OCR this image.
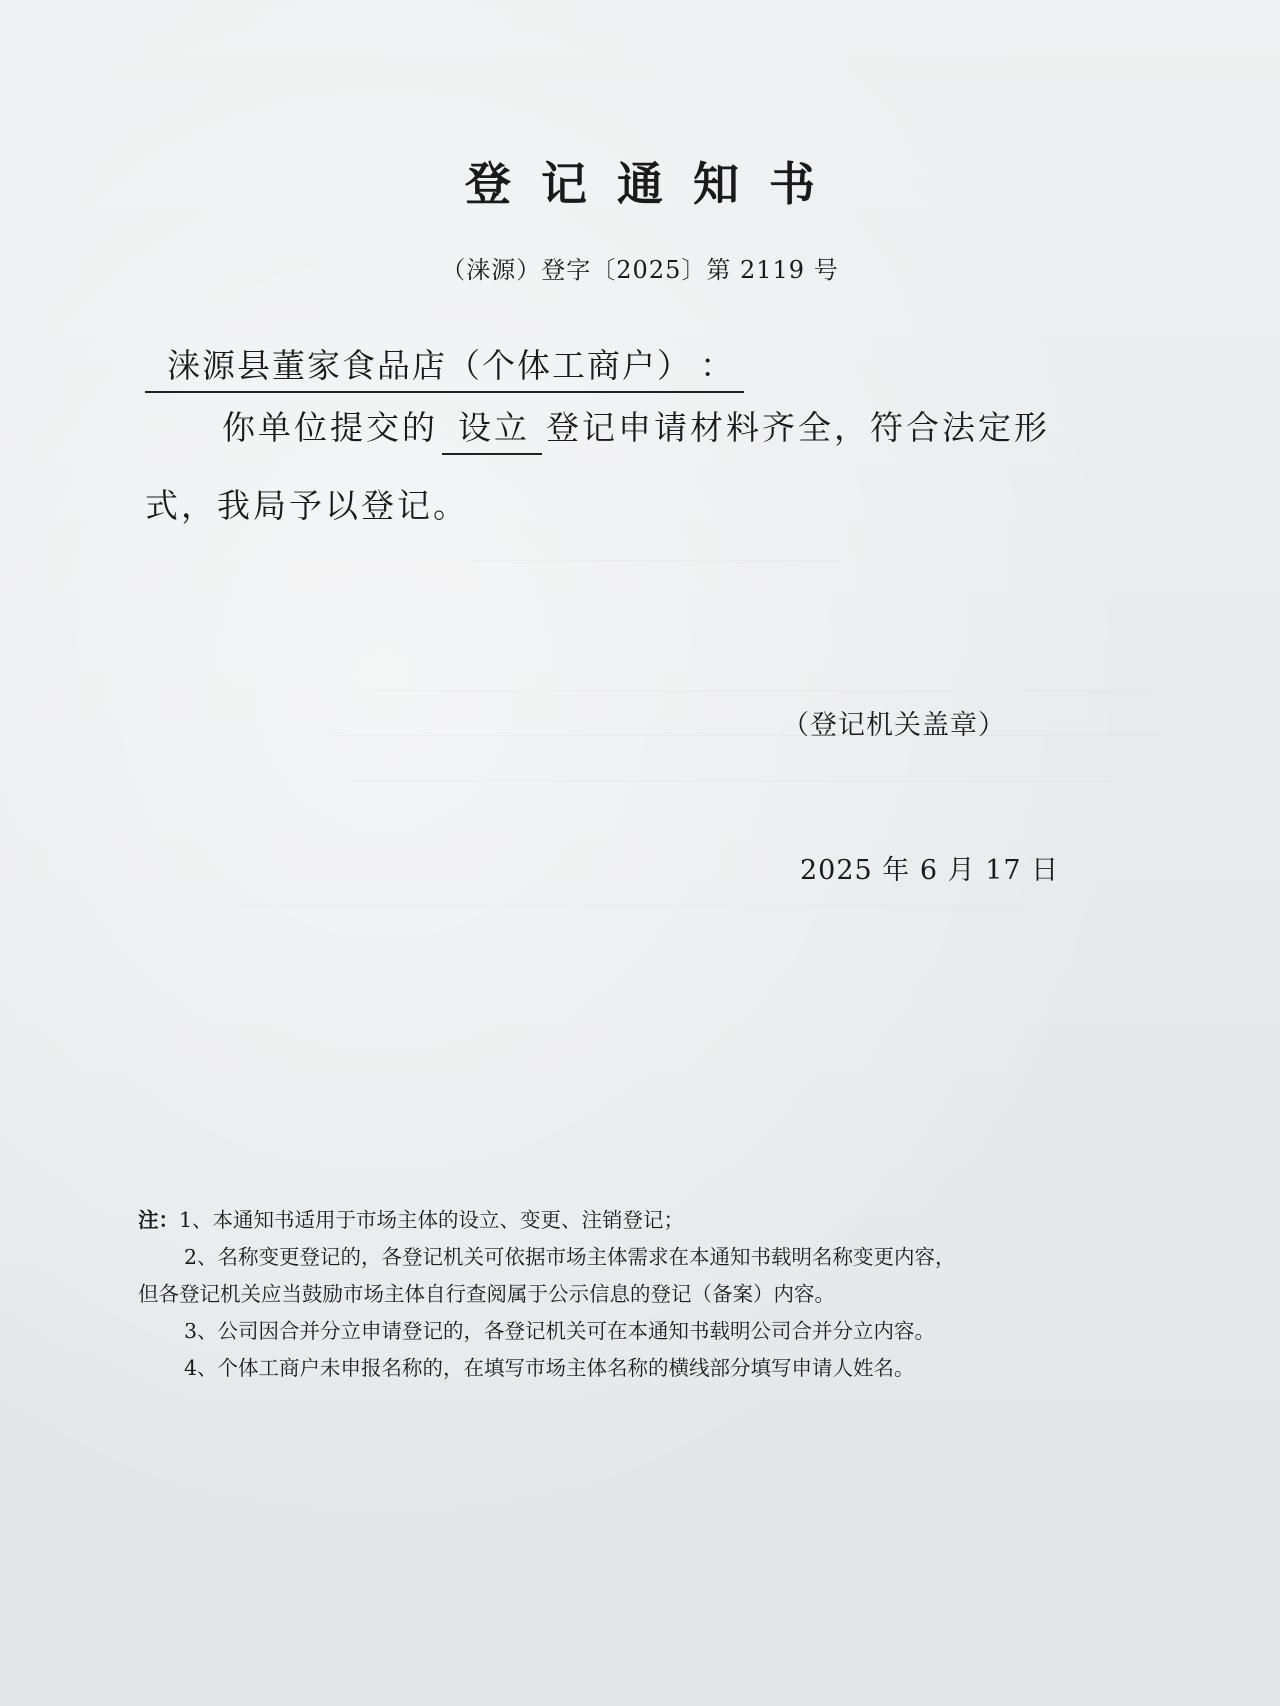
登记通知书
（涞源）登字〔2025〕第 2119 号
涞源县董家食品店（个体工商户） ：
你单位提交的 设立 登记申请材料齐全，符合法定形
式，我局予以登记。
（登记机关盖章）
2025 年 6 月 17 日
注：1、本通知书适用于市场主体的设立、变更、注销登记；
2、名称变更登记的，各登记机关可依据市场主体需求在本通知书载明名称变更内容，
但各登记机关应当鼓励市场主体自行查阅属于公示信息的登记（备案）内容。
3、公司因合并分立申请登记的，各登记机关可在本通知书载明公司合并分立内容。
4、个体工商户未申报名称的，在填写市场主体名称的横线部分填写申请人姓名。
